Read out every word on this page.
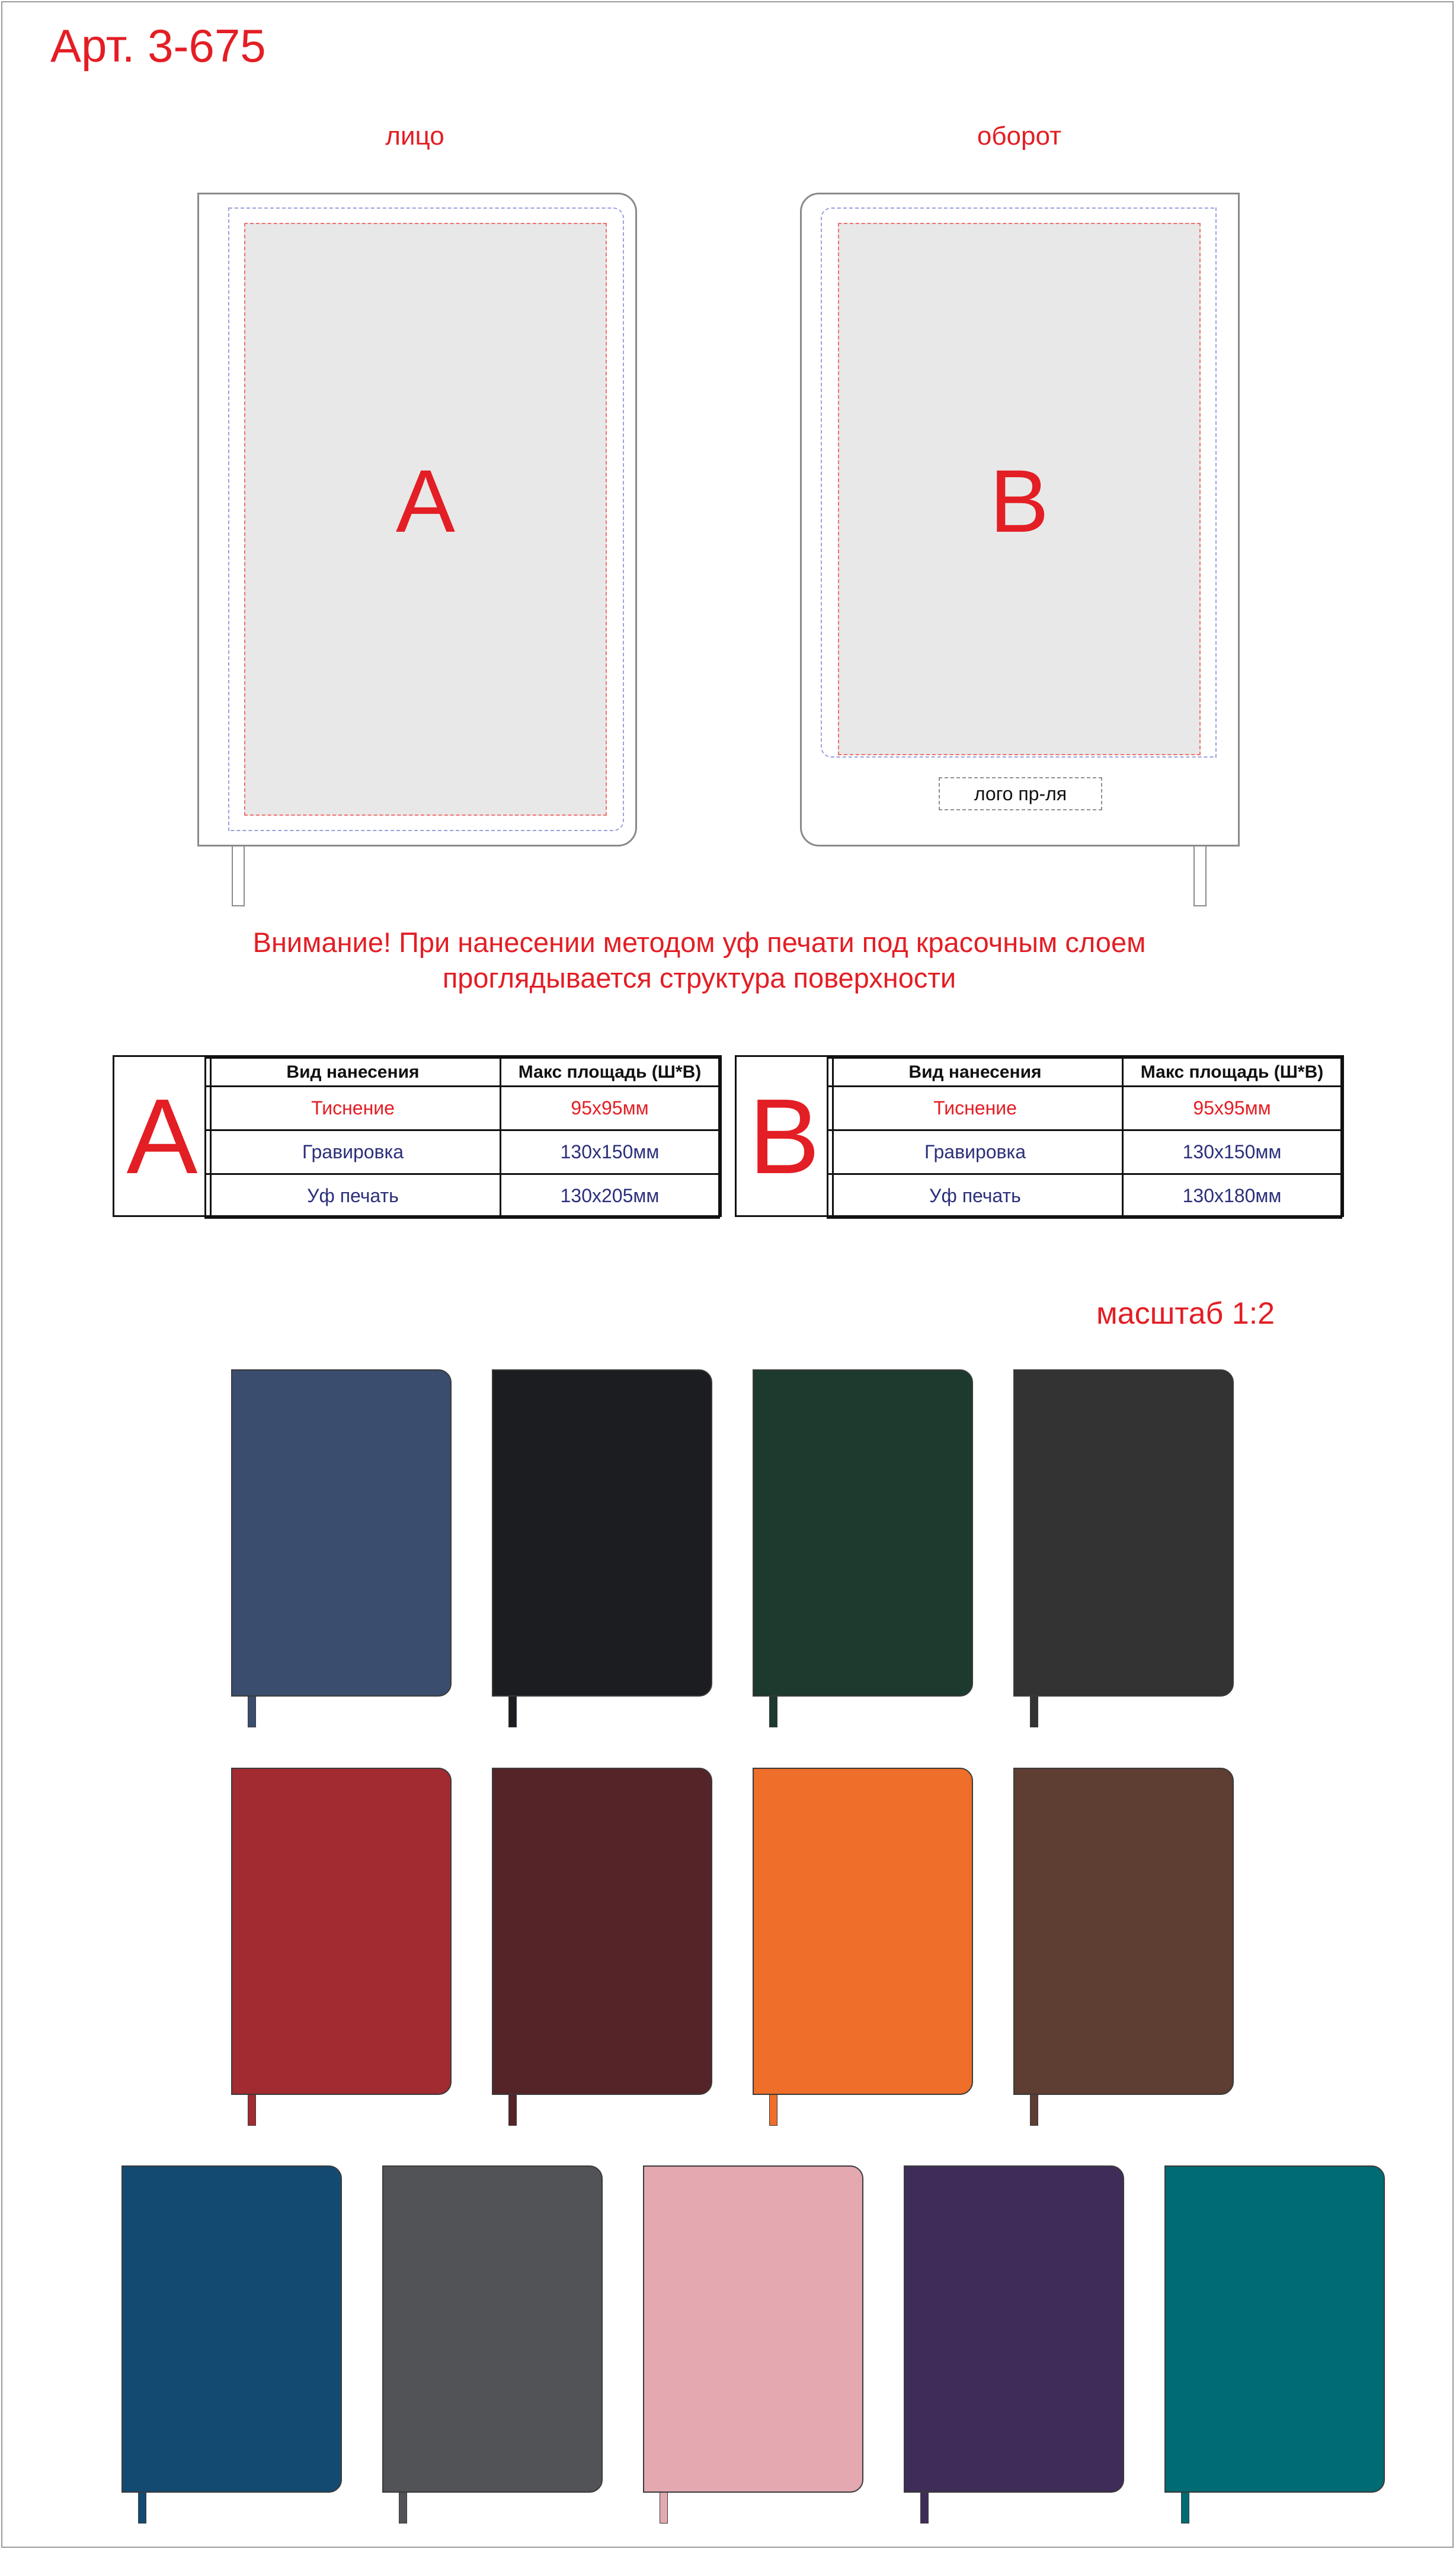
Арт. 3-675
лицо
A
оборот
B
лого пр-ля
Внимание! При нанесении методом уф печати под красочным слоем
проглядывается структура поверхности
A
Вид нанесения	Макс площадь (Ш*В)
Тиснение	95х95мм
Гравировка	130х150мм
Уф печать	130х205мм B
Вид нанесения	Макс площадь (Ш*В)
Тиснение	95х95мм
Гравировка	130х150мм
Уф печать	130х180мм
масштаб 1:2
